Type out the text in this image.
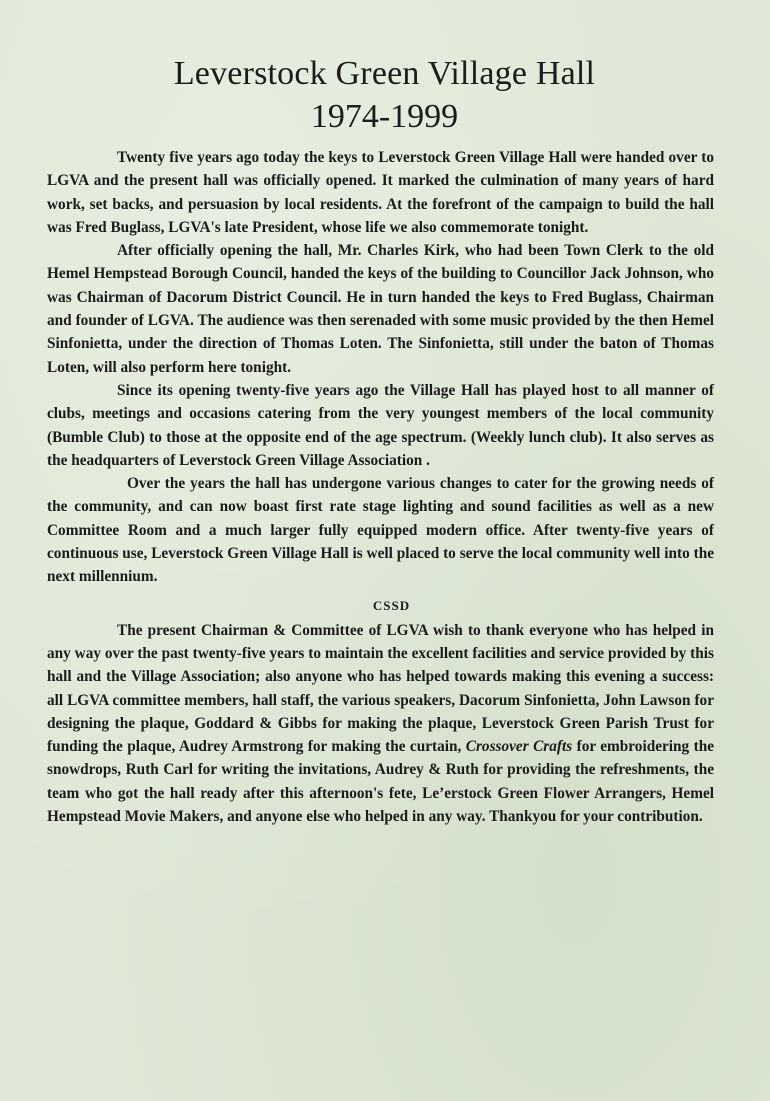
Leverstock Green Village Hall
1974-1999

Twenty five years ago today the keys to Leverstock Green Village Hall were handed over to LGVA and the present hall was officially opened. It marked the culmination of many years of hard work, set backs, and persuasion by local residents. At the forefront of the campaign to build the hall was Fred Buglass, LGVA's late President, whose life we also commemorate tonight.

After officially opening the hall, Mr. Charles Kirk, who had been Town Clerk to the old Hemel Hempstead Borough Council, handed the keys of the building to Councillor Jack Johnson, who was Chairman of Dacorum District Council. He in turn handed the keys to Fred Buglass, Chairman and founder of LGVA. The audience was then serenaded with some music provided by the then Hemel Sinfonietta, under the direction of Thomas Loten. The Sinfonietta, still under the baton of Thomas Loten, will also perform here tonight.

Since its opening twenty-five years ago the Village Hall has played host to all manner of clubs, meetings and occasions catering from the very youngest members of the local community (Bumble Club) to those at the opposite end of the age spectrum. (Weekly lunch club). It also serves as the headquarters of Leverstock Green Village Association .

Over the years the hall has undergone various changes to cater for the growing needs of the community, and can now boast first rate stage lighting and sound facilities as well as a new Committee Room and a much larger fully equipped modern office. After twenty-five years of continuous use, Leverstock Green Village Hall is well placed to serve the local community well into the next millennium.

CSSD

The present Chairman & Committee of LGVA wish to thank everyone who has helped in any way over the past twenty-five years to maintain the excellent facilities and service provided by this hall and the Village Association; also anyone who has helped towards making this evening a success: all LGVA committee members, hall staff, the various speakers, Dacorum Sinfonietta, John Lawson for designing the plaque, Goddard & Gibbs for making the plaque, Leverstock Green Parish Trust for funding the plaque, Audrey Armstrong for making the curtain, Crossover Crafts for embroidering the snowdrops, Ruth Carl for writing the invitations, Audrey & Ruth for providing the refreshments, the team who got the hall ready after this afternoon's fete, Le’erstock Green Flower Arrangers, Hemel Hempstead Movie Makers, and anyone else who helped in any way. Thankyou for your contribution.
